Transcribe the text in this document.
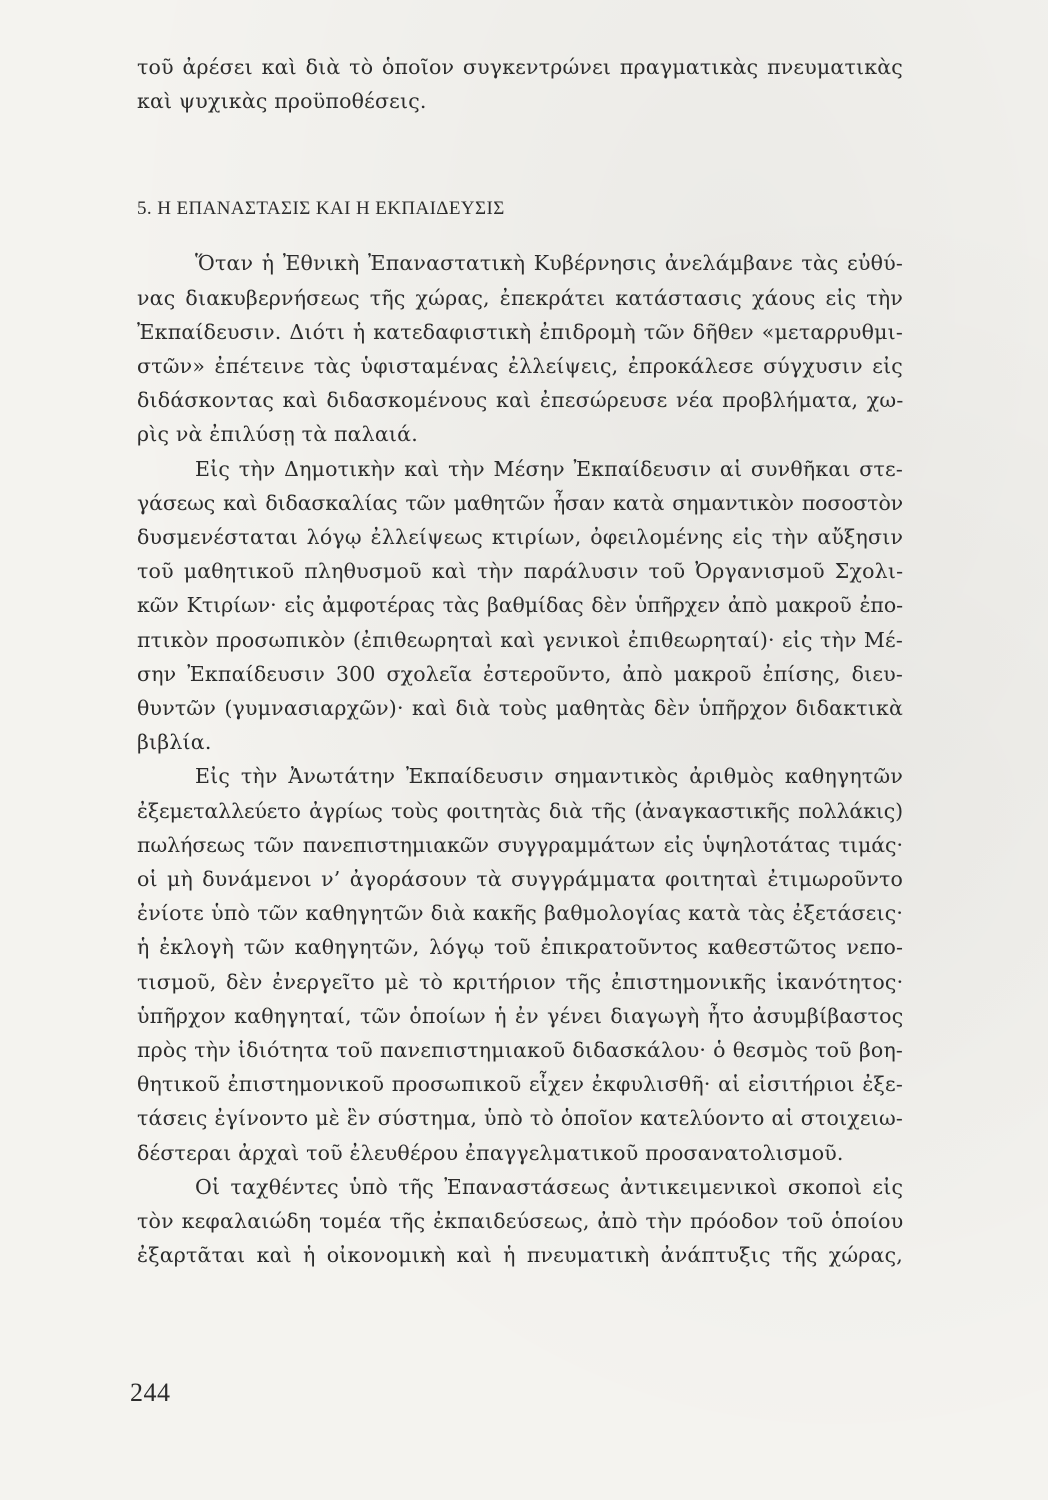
τοῦ ἀρέσει καὶ διὰ τὸ ὁποῖον συγκεντρώνει πραγματικὰς πνευματικὰς
καὶ ψυχικὰς προϋποθέσεις.

5. Η ΕΠΑΝΑΣΤΑΣΙΣ ΚΑΙ Η ΕΚΠΑΙΔΕΥΣΙΣ

Ὅταν ἡ Ἐθνικὴ Ἐπαναστατικὴ Κυβέρνησις ἀνελάμβανε τὰς εὐθύ-
νας διακυβερνήσεως τῆς χώρας, ἐπεκράτει κατάστασις χάους εἰς τὴν
Ἐκπαίδευσιν. Διότι ἡ κατεδαφιστικὴ ἐπιδρομὴ τῶν δῆθεν «μεταρρυθμι-
στῶν» ἐπέτεινε τὰς ὑφισταμένας ἐλλείψεις, ἐπροκάλεσε σύγχυσιν εἰς
διδάσκοντας καὶ διδασκομένους καὶ ἐπεσώρευσε νέα προβλήματα, χω-
ρὶς νὰ ἐπιλύσῃ τὰ παλαιά.

Εἰς τὴν Δημοτικὴν καὶ τὴν Μέσην Ἐκπαίδευσιν αἱ συνθῆκαι στε-
γάσεως καὶ διδασκαλίας τῶν μαθητῶν ἦσαν κατὰ σημαντικὸν ποσοστὸν
δυσμενέσταται λόγῳ ἐλλείψεως κτιρίων, ὀφειλομένης εἰς τὴν αὔξησιν
τοῦ μαθητικοῦ πληθυσμοῦ καὶ τὴν παράλυσιν τοῦ Ὀργανισμοῦ Σχολι-
κῶν Κτιρίων· εἰς ἀμφοτέρας τὰς βαθμίδας δὲν ὑπῆρχεν ἀπὸ μακροῦ ἐπο-
πτικὸν προσωπικὸν (ἐπιθεωρηταὶ καὶ γενικοὶ ἐπιθεωρηταί)· εἰς τὴν Μέ-
σην Ἐκπαίδευσιν 300 σχολεῖα ἐστεροῦντο, ἀπὸ μακροῦ ἐπίσης, διευ-
θυντῶν (γυμνασιαρχῶν)· καὶ διὰ τοὺς μαθητὰς δὲν ὑπῆρχον διδακτικὰ
βιβλία.

Εἰς τὴν Ἀνωτάτην Ἐκπαίδευσιν σημαντικὸς ἀριθμὸς καθηγητῶν
ἐξεμεταλλεύετο ἀγρίως τοὺς φοιτητὰς διὰ τῆς (ἀναγκαστικῆς πολλάκις)
πωλήσεως τῶν πανεπιστημιακῶν συγγραμμάτων εἰς ὑψηλοτάτας τιμάς·
οἱ μὴ δυνάμενοι ν’ ἀγοράσουν τὰ συγγράμματα φοιτηταὶ ἐτιμωροῦντο
ἐνίοτε ὑπὸ τῶν καθηγητῶν διὰ κακῆς βαθμολογίας κατὰ τὰς ἐξετάσεις·
ἡ ἐκλογὴ τῶν καθηγητῶν, λόγῳ τοῦ ἐπικρατοῦντος καθεστῶτος νεπο-
τισμοῦ, δὲν ἐνεργεῖτο μὲ τὸ κριτήριον τῆς ἐπιστημονικῆς ἱκανότητος·
ὑπῆρχον καθηγηταί, τῶν ὁποίων ἡ ἐν γένει διαγωγὴ ἦτο ἀσυμβίβαστος
πρὸς τὴν ἰδιότητα τοῦ πανεπιστημιακοῦ διδασκάλου· ὁ θεσμὸς τοῦ βοη-
θητικοῦ ἐπιστημονικοῦ προσωπικοῦ εἶχεν ἐκφυλισθῆ· αἱ εἰσιτήριοι ἐξε-
τάσεις ἐγίνοντο μὲ ἓν σύστημα, ὑπὸ τὸ ὁποῖον κατελύοντο αἱ στοιχειω-
δέστεραι ἀρχαὶ τοῦ ἐλευθέρου ἐπαγγελματικοῦ προσανατολισμοῦ.

Οἱ ταχθέντες ὑπὸ τῆς Ἐπαναστάσεως ἀντικειμενικοὶ σκοποὶ εἰς
τὸν κεφαλαιώδη τομέα τῆς ἐκπαιδεύσεως, ἀπὸ τὴν πρόοδον τοῦ ὁποίου
ἐξαρτᾶται καὶ ἡ οἰκονομικὴ καὶ ἡ πνευματικὴ ἀνάπτυξις τῆς χώρας,

244
